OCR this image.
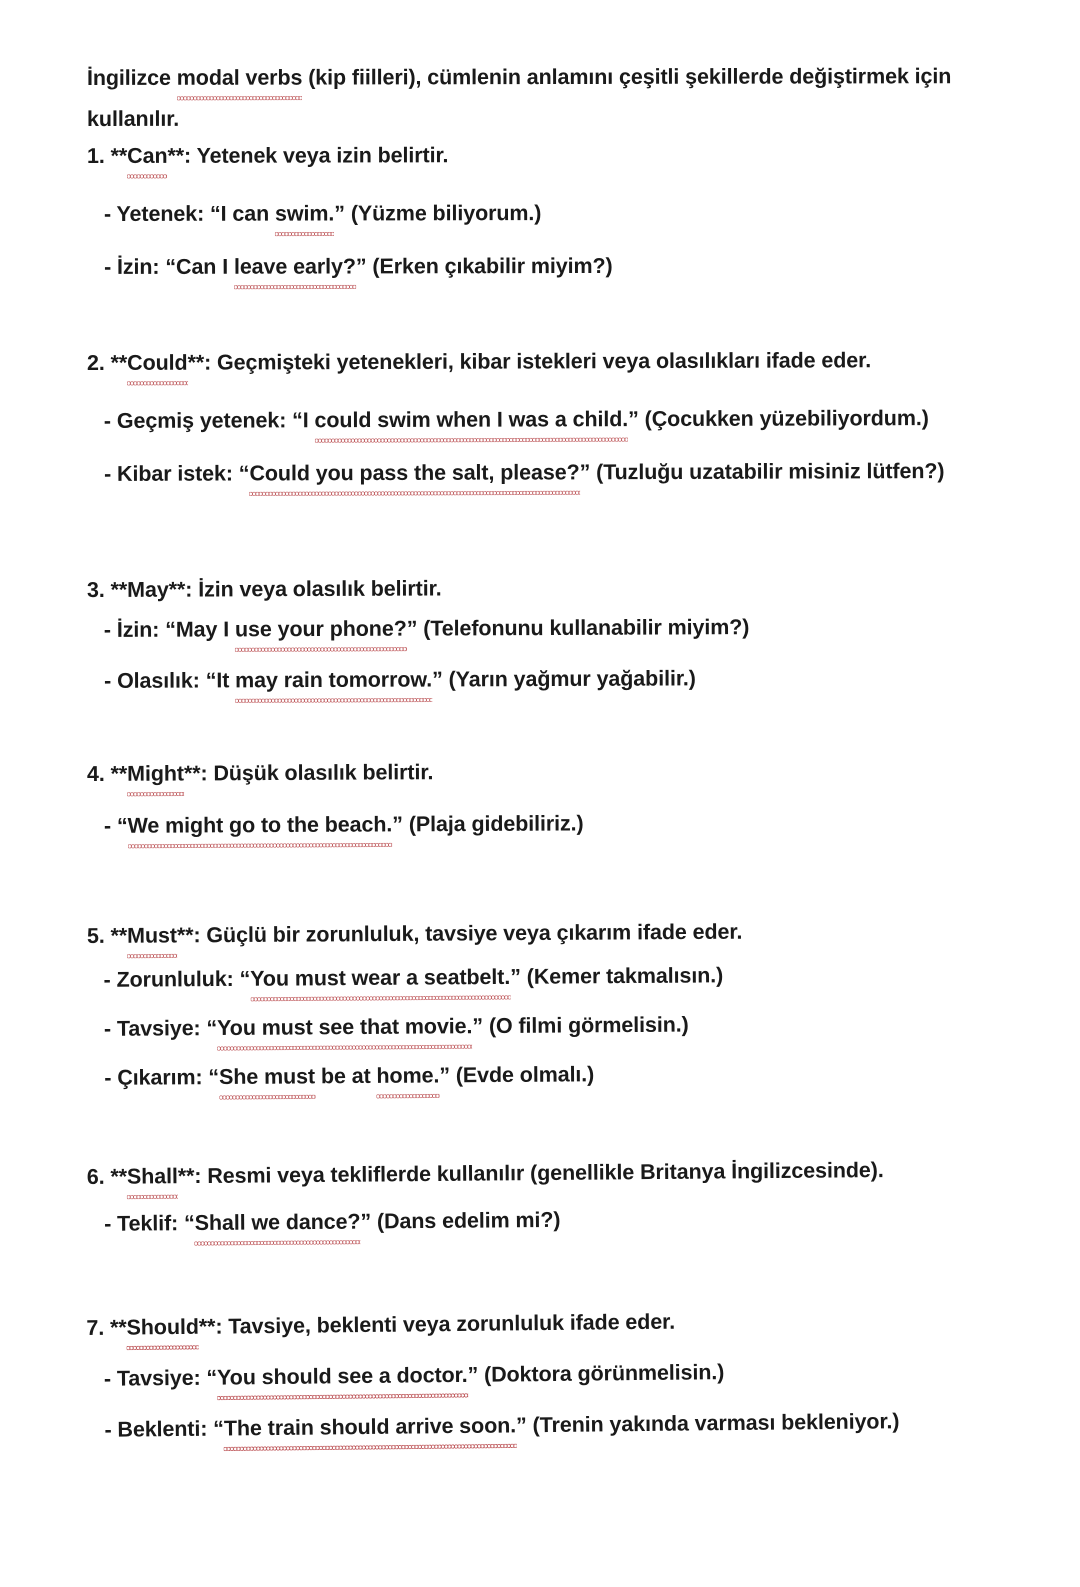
İngilizce modal verbs (kip fiilleri), cümlenin anlamını çeşitli şekillerde değiştirmek için
kullanılır.
1. **Can**: Yetenek veya izin belirtir.
- Yetenek: “I can swim.” (Yüzme biliyorum.)
- İzin: “Can I leave early?” (Erken çıkabilir miyim?)
2. **Could**: Geçmişteki yetenekleri, kibar istekleri veya olasılıkları ifade eder.
- Geçmiş yetenek: “I could swim when I was a child.” (Çocukken yüzebiliyordum.)
- Kibar istek: “Could you pass the salt, please?” (Tuzluğu uzatabilir misiniz lütfen?)
3. **May**: İzin veya olasılık belirtir.
- İzin: “May I use your phone?” (Telefonunu kullanabilir miyim?)
- Olasılık: “It may rain tomorrow.” (Yarın yağmur yağabilir.)
4. **Might**: Düşük olasılık belirtir.
- “We might go to the beach.” (Plaja gidebiliriz.)
5. **Must**: Güçlü bir zorunluluk, tavsiye veya çıkarım ifade eder.
- Zorunluluk: “You must wear a seatbelt.” (Kemer takmalısın.)
- Tavsiye: “You must see that movie.” (O filmi görmelisin.)
- Çıkarım: “She must be at home.” (Evde olmalı.)
6. **Shall**: Resmi veya tekliflerde kullanılır (genellikle Britanya İngilizcesinde).
- Teklif: “Shall we dance?” (Dans edelim mi?)
7. **Should**: Tavsiye, beklenti veya zorunluluk ifade eder.
- Tavsiye: “You should see a doctor.” (Doktora görünmelisin.)
- Beklenti: “The train should arrive soon.” (Trenin yakında varması bekleniyor.)
